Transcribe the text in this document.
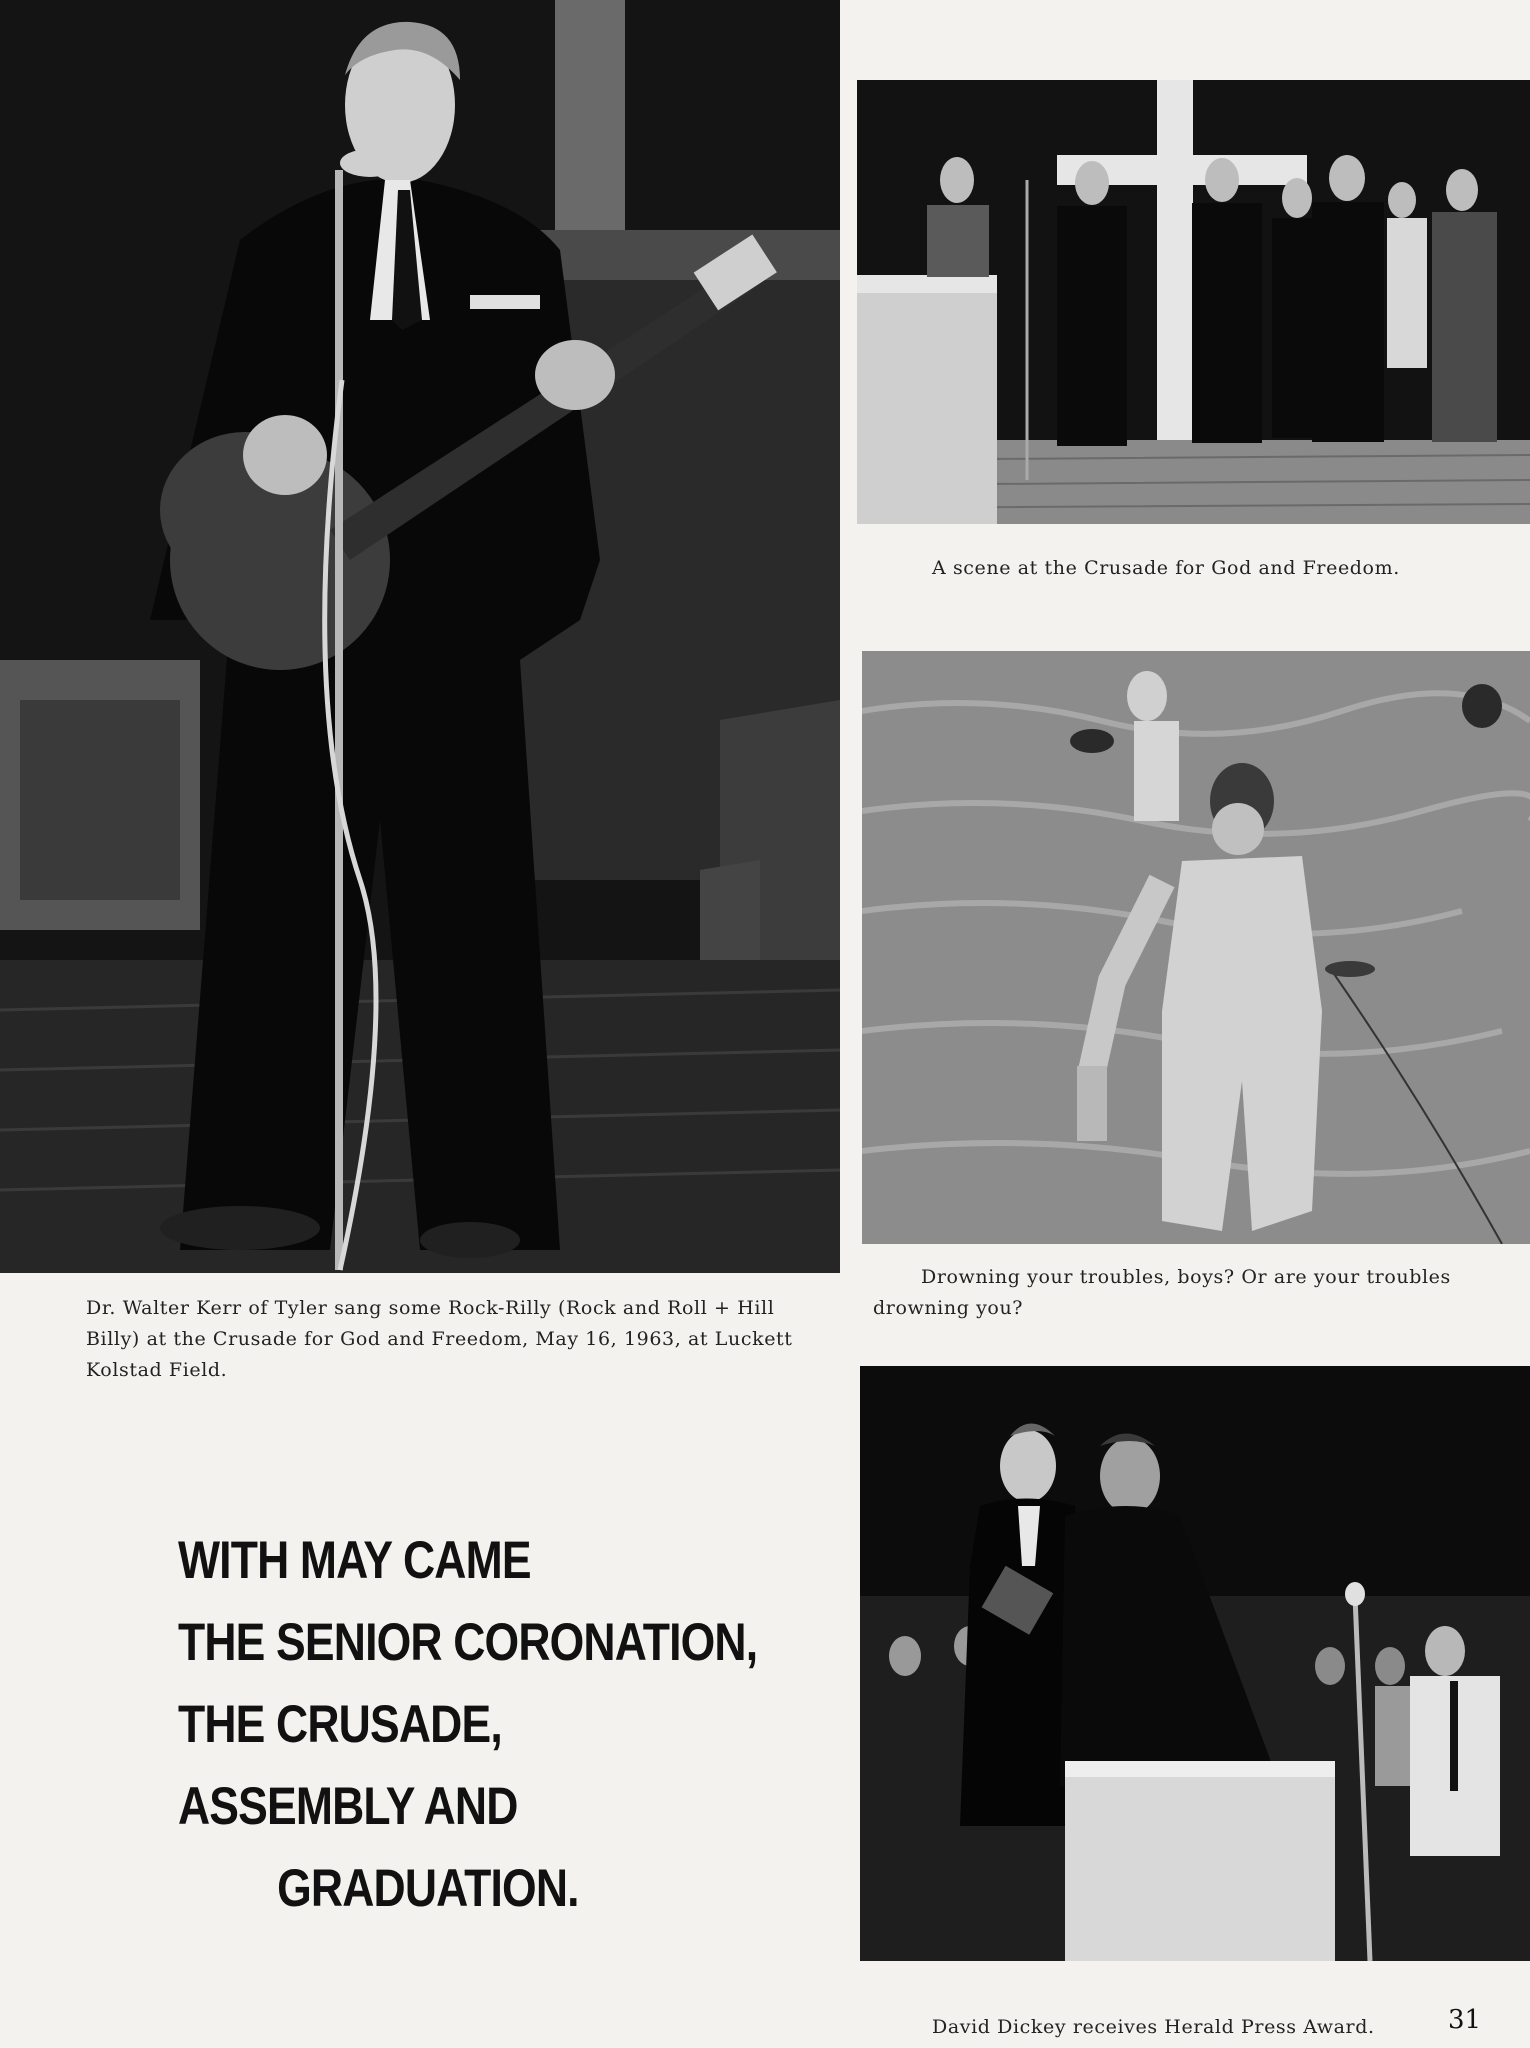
Dr. Walter Kerr of Tyler sang some Rock-Rilly (Rock and Roll + Hill Billy) at the Crusade for God and Freedom, May 16, 1963, at Luckett Kolstad Field.
A scene at the Crusade for God and Freedom.
Drowning your troubles, boys? Or are your troubles drowning you?
David Dickey receives Herald Press Award.
WITH MAY CAME
THE SENIOR CORONATION,
THE CRUSADE,
ASSEMBLY AND
GRADUATION.
31
